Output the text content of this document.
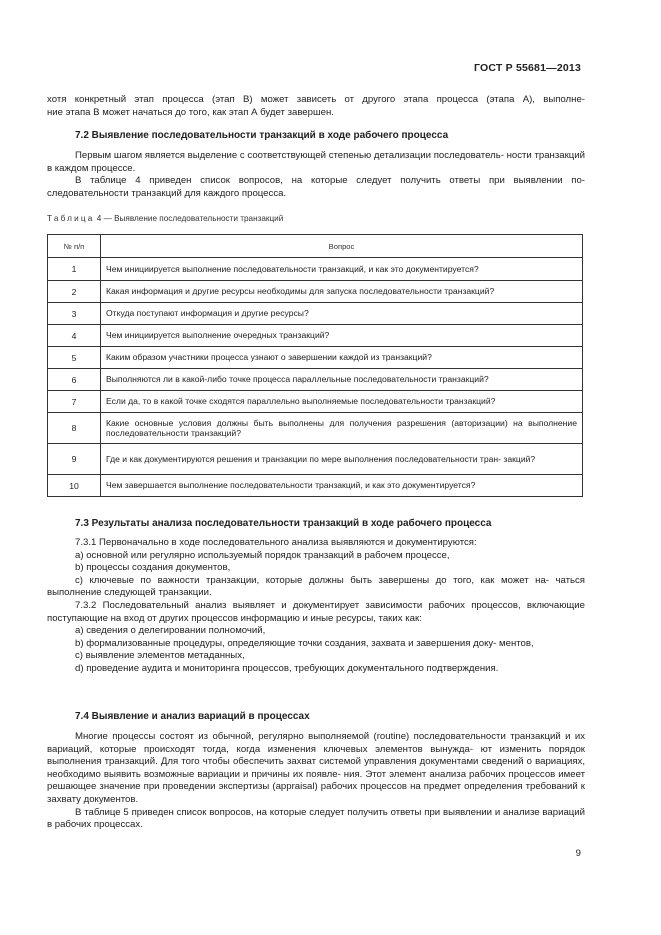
ГОСТ Р 55681—2013
хотя конкретный этап процесса (этап В) может зависеть от другого этапа процесса (этапа А), выполне-
ние этапа В может начаться до того, как этап А будет завершен.
7.2 Выявление последовательности транзакций в ходе рабочего процесса

Первым шагом является выделение с соответствующей степенью детализации последователь- ности транзакций в каждом процессе.

В таблице 4 приведен список вопросов, на которые следует получить ответы при выявлении по- следовательности транзакций для каждого процесса.

Таблица 4 — Выявление последовательности транзакций
№ п/п	Вопрос
1	Чем инициируется выполнение последовательности транзакций, и как это документируется?
2	Какая информация и другие ресурсы необходимы для запуска последовательности транзакций?
3	Откуда поступают информация и другие ресурсы?
4	Чем инициируется выполнение очередных транзакций?
5	Каким образом участники процесса узнают о завершении каждой из транзакций?
6	Выполняются ли в какой-либо точке процесса параллельные последовательности транзакций?
7	Если да, то в какой точке сходятся параллельно выполняемые последовательности транзакций?
8	Какие основные условия должны быть выполнены для получения разрешения (авторизации) на выполнение последовательности транзакций?
9	Где и как документируются решения и транзакции по мере выполнения последовательности тран- закций?
10	Чем завершается выполнение последовательности транзакций, и как это документируется?
7.3 Результаты анализа последовательности транзакций в ходе рабочего процесса

7.3.1 Первоначально в ходе последовательного анализа выявляются и документируются:

а) основной или регулярно используемый порядок транзакций в рабочем процессе,

b) процессы создания документов,

с) ключевые по важности транзакции, которые должны быть завершены до того, как может на- чаться выполнение следующей транзакции.

7.3.2 Последовательный анализ выявляет и документирует зависимости рабочих процессов, включающие поступающие на вход от других процессов информацию и иные ресурсы, таких как:

а) сведения о делегировании полномочий,

b) формализованные процедуры, определяющие точки создания, захвата и завершения доку- ментов,

с) выявление элементов метаданных,

d) проведение аудита и мониторинга процессов, требующих документального подтверждения.

7.4 Выявление и анализ вариаций в процессах

Многие процессы состоят из обычной, регулярно выполняемой (routine) последовательности транзакций и их вариаций, которые происходят тогда, когда изменения ключевых элементов вынужда- ют изменить порядок выполнения транзакций. Для того чтобы обеспечить захват системой управления документами сведений о вариациях, необходимо выявить возможные вариации и причины их появле- ния. Этот элемент анализа рабочих процессов имеет решающее значение при проведении экспертизы (appraisal) рабочих процессов на предмет определения требований к захвату документов.

В таблице 5 приведен список вопросов, на которые следует получить ответы при выявлении и анализе вариаций в рабочих процессах.

9
